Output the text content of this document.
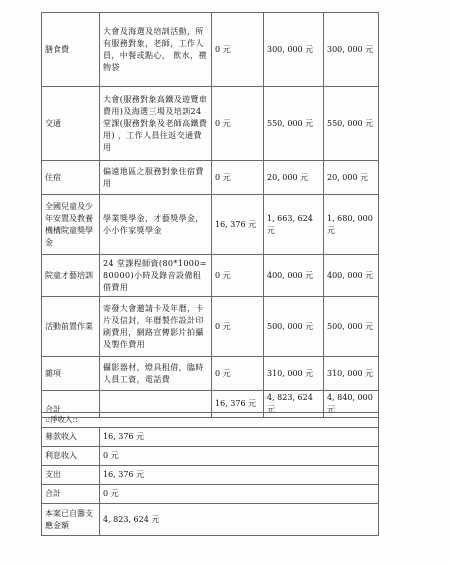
膳食費	大會及海選及培訓活動，所有服務對象，老師，工作人員，中餐或點心， 飲水，禮物袋	0 元	300, 000 元	300, 000 元
交通	大會(服務對象高鐵及遊覽車費用)及海選三場及培訓24堂課(服務對象及老師高鐵費用) ，工作人員往返交通費用	0 元	550, 000 元	550, 000 元
住宿	偏遠地區之服務對象住宿費用	0 元	20, 000 元	20, 000 元
全國兒童及少年安置及教養機構院童獎學金	學業獎學金，才藝獎學金，小小作家獎學金	16, 376 元	1, 663, 624 元	1, 680, 000 元
院童才藝培訓	24 堂課程師資(80*1000=80000)小時及錄音設備租借費用	0 元	400, 000 元	400, 000 元
活動前置作業	寄發大會邀請卡及年曆，卡片及信封，年曆製作設計印刷費用，網路宣傳影片拍攝及製作費用	0 元	500, 000 元	500, 000 元
雜項	攝影器材，燈具租借，臨時人員工資，電話費	0 元	310, 000 元	310, 000 元
合計		16, 376 元	4, 823, 624 元	4, 840, 000 元
::淨收入::	
募款收入	16, 376 元
利息收入	0 元
支出	16, 376 元
合計	0 元
本案已自籌支應金額	4, 823, 624 元
